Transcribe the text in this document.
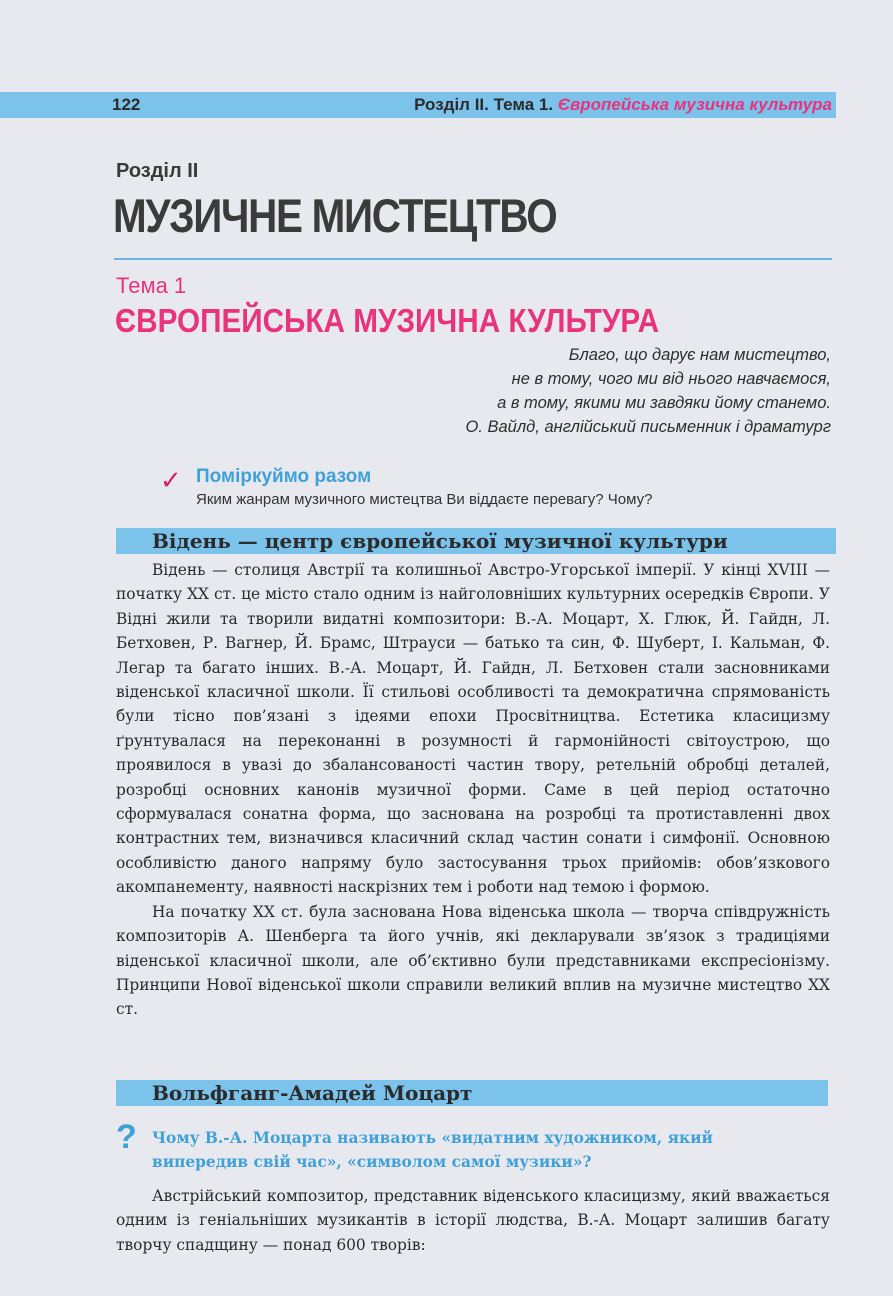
122	Розділ ІІ. Тема 1. Європейська музична культура
Розділ ІІ
МУЗИЧНЕ МИСТЕЦТВО
Тема 1
ЄВРОПЕЙСЬКА МУЗИЧНА КУЛЬТУРА
Благо, що дарує нам мистецтво,
не в тому, чого ми від нього навчаємося,
а в тому, якими ми завдяки йому станемо.
О. Вайлд, англійський письменник і драматург
✓ Поміркуймо разом
Яким жанрам музичного мистецтва Ви віддаєте перевагу? Чому?
Відень — центр європейської музичної культури

Відень — столиця Австрії та колишньої Австро-Угорської імперії. У кінці XVIII — початку XX ст. це місто стало одним із найголовніших культурних осередків Європи. У Відні жили та творили видатні композитори: В.-А. Моцарт, Х. Глюк, Й. Гайдн, Л. Бетховен, Р. Вагнер, Й. Брамс, Штрауси — батько та син, Ф. Шуберт, І. Кальман, Ф. Легар та багато інших. В.-А. Моцарт, Й. Гайдн, Л. Бетховен стали засновниками віденської класичної школи. Її стильові особливості та демократична спрямованість були тісно пов’язані з ідеями епохи Просвітництва. Естетика класицизму ґрунтувалася на переконанні в розумності й гармонійності світоустрою, що проявилося в увазі до збалансованості частин твору, ретельній обробці деталей, розробці основних канонів музичної форми. Саме в цей період остаточно сформувалася сонатна форма, що заснована на розробці та протиставленні двох контрастних тем, визначився класичний склад частин сонати і симфонії. Основною особливістю даного напряму було застосування трьох прийомів: обов’язкового акомпанементу, наявності наскрізних тем і роботи над темою і формою.

На початку XX ст. була заснована Нова віденська школа — творча співдружність композиторів А. Шенберга та його учнів, які декларували зв’язок з традиціями віденської класичної школи, але об’єктивно були представниками експресіонізму. Принципи Нової віденської школи справили великий вплив на музичне мистецтво XX ст.

Вольфганг-Амадей Моцарт
? Чому В.-А. Моцарта називають «видатним художником, який випередив свій час», «символом самої музики»?

Австрійський композитор, представник віденського класицизму, який вважається одним із геніальніших музикантів в історії людства, В.-А. Моцарт залишив багату творчу спадщину — понад 600 творів:
